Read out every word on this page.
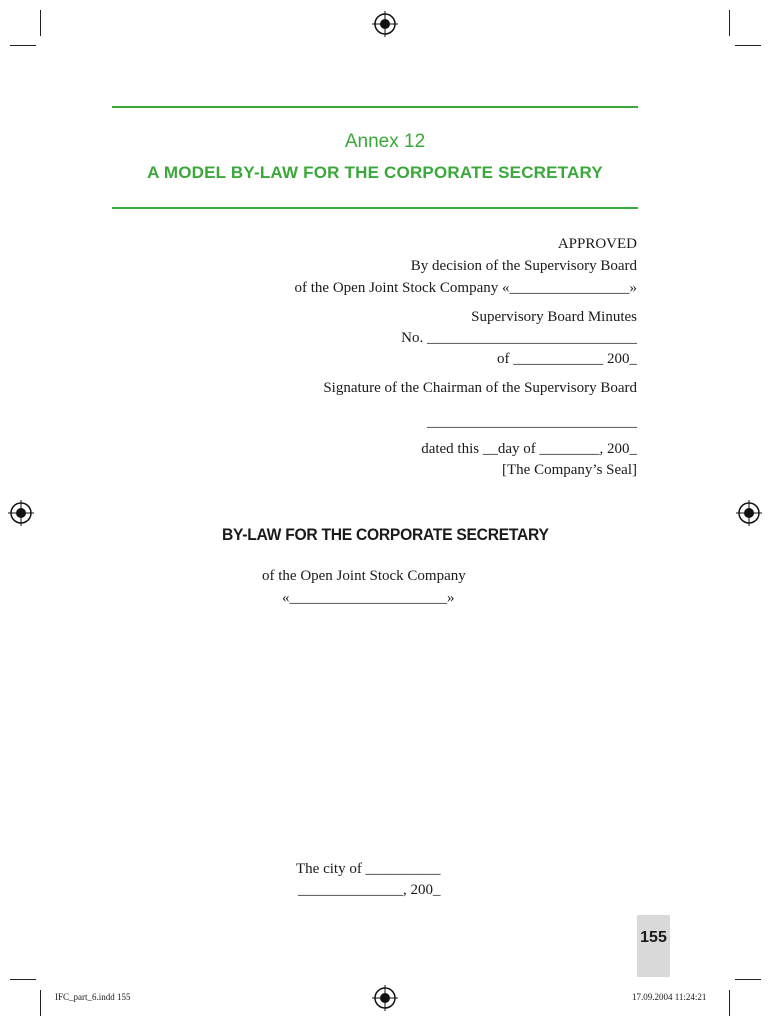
Annex 12
A MODEL BY-LAW FOR THE CORPORATE SECRETARY
APPROVED
By decision of the Supervisory Board
of the Open Joint Stock Company «________________»
Supervisory Board Minutes
No. ____________________________
of ____________ 200_
Signature of the Chairman of the Supervisory Board
____________________________
dated this __day of ________, 200_
[The Company’s Seal]
BY-LAW FOR THE CORPORATE SECRETARY
of the Open Joint Stock Company
«_____________________»
The city of __________
______________, 200_
155
IFC_part_6.indd 155	17.09.2004 11:24:21
